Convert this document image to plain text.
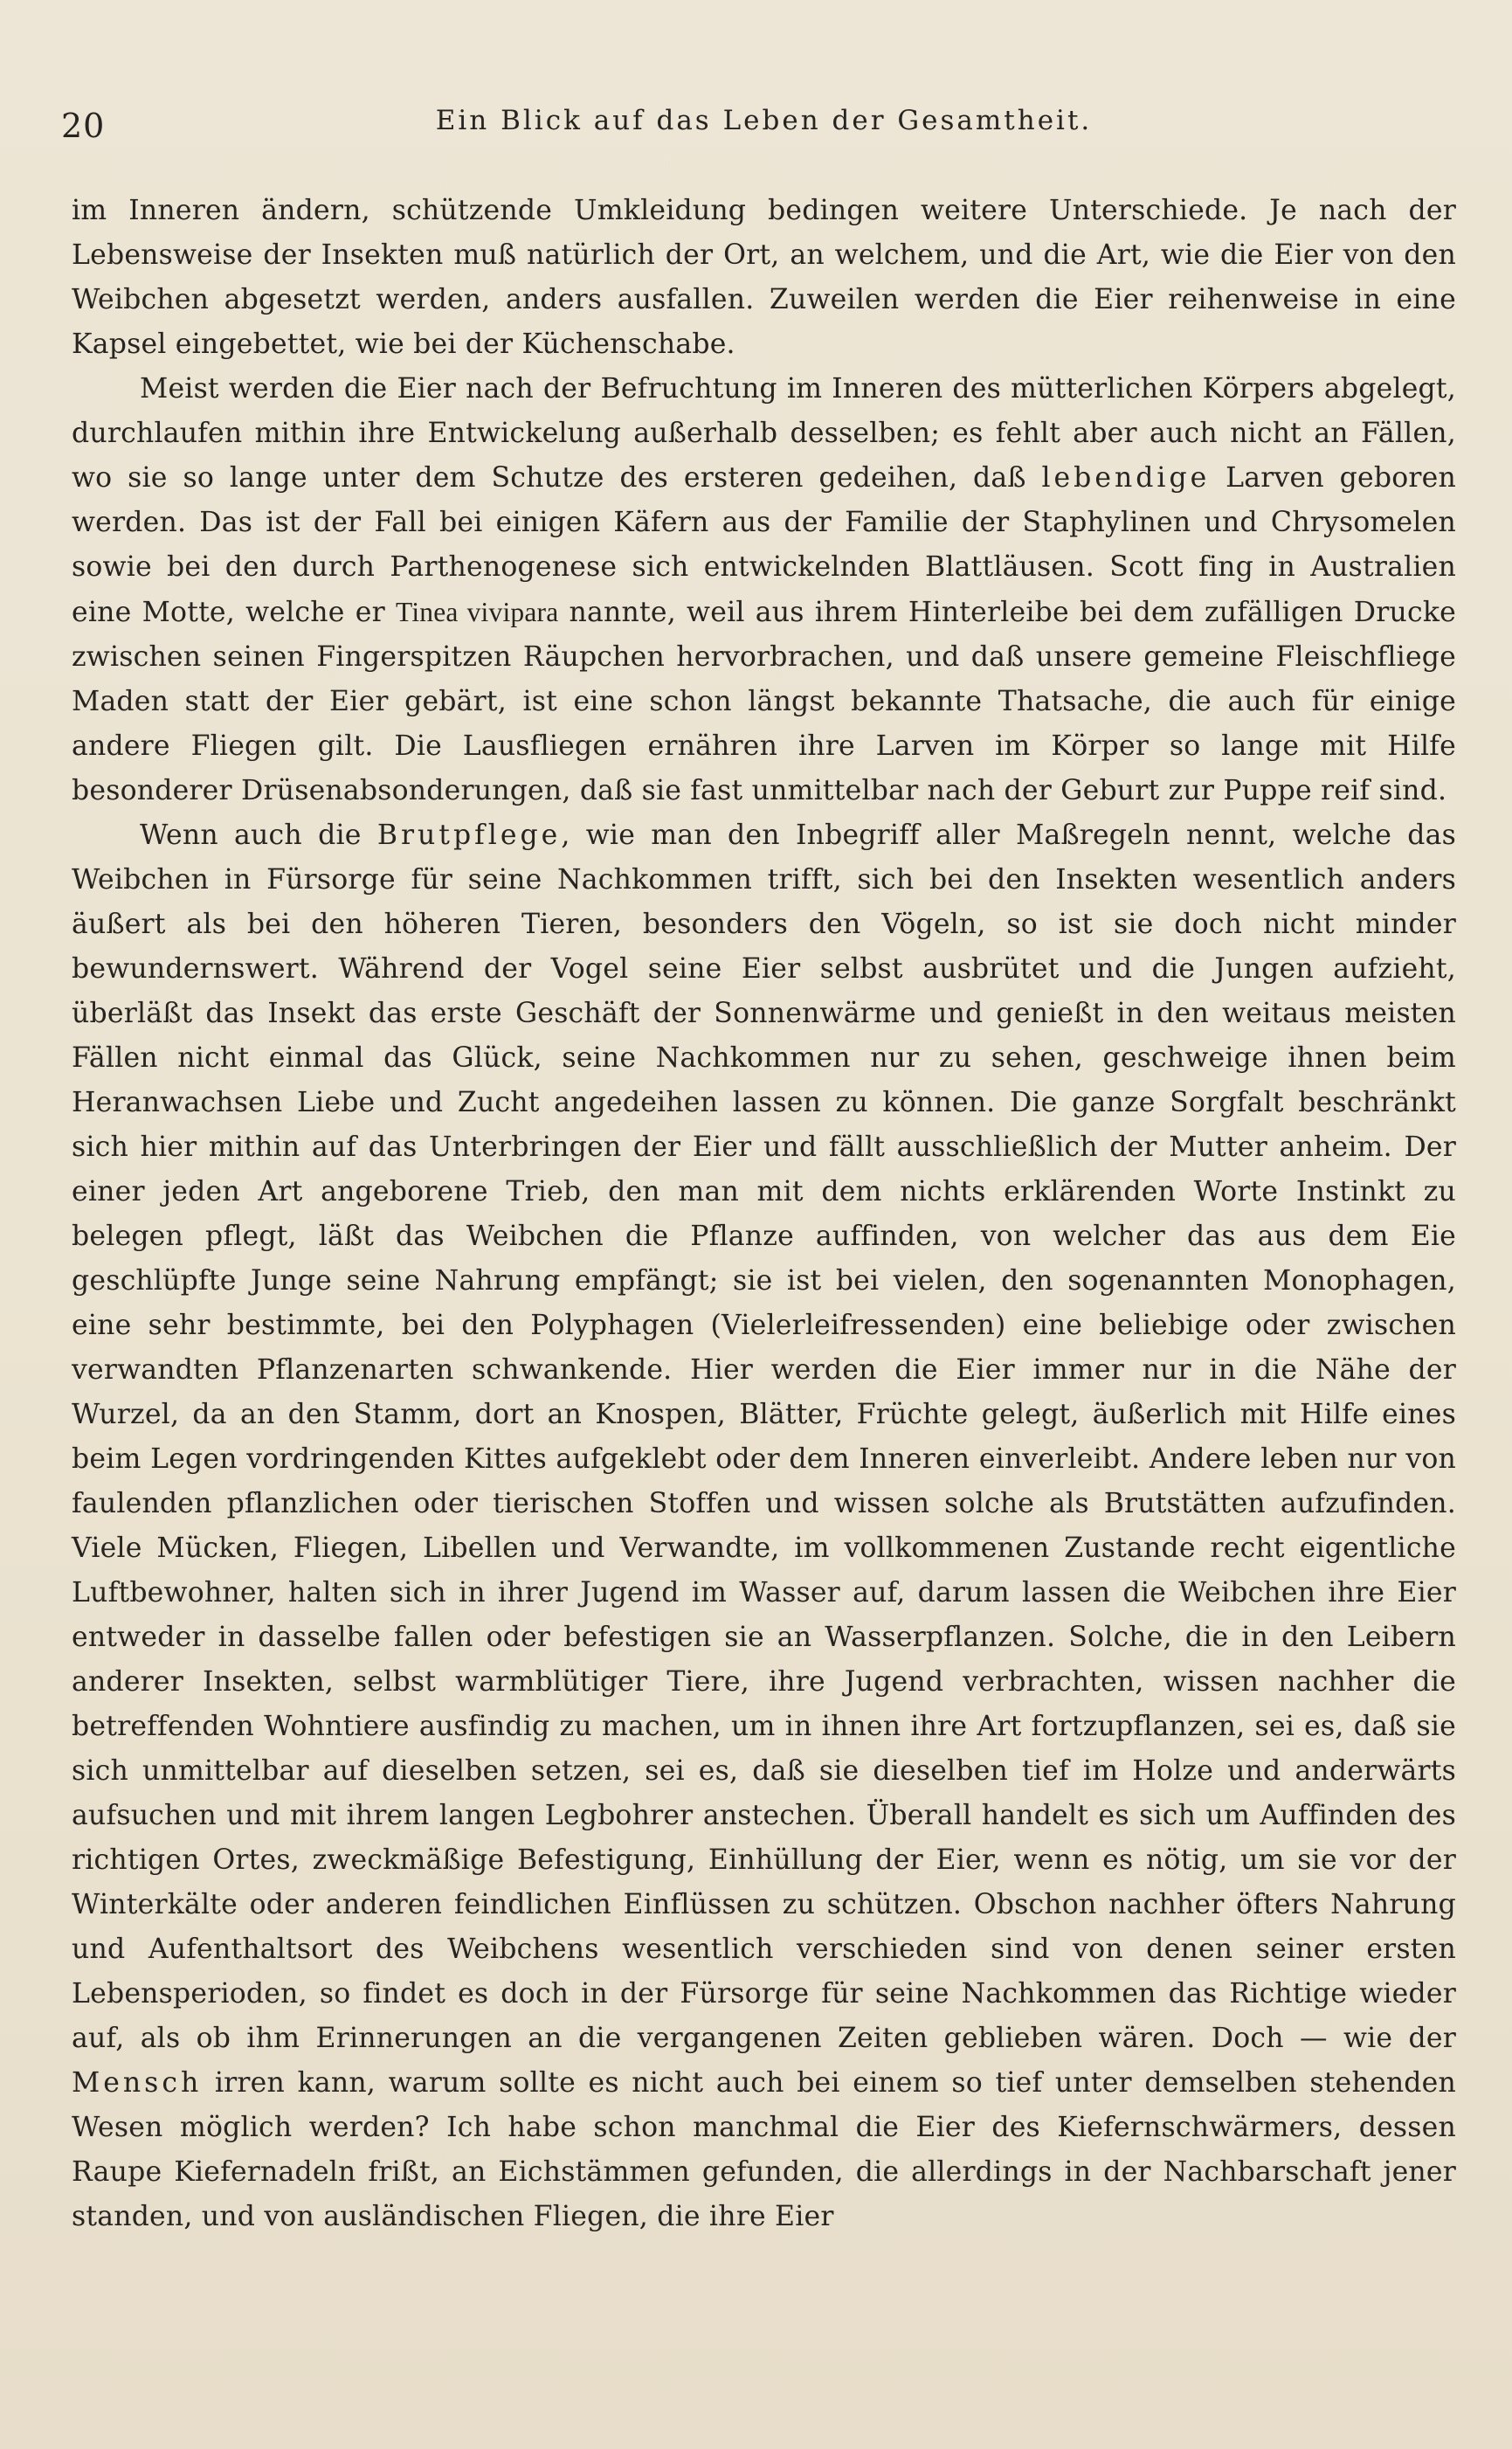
20	Ein Blick auf das Leben der Gesamtheit.

im Inneren ändern, schützende Umkleidung bedingen weitere Unterschiede. Je nach der Lebensweise der Insekten muß natürlich der Ort, an welchem, und die Art, wie die Eier von den Weibchen abgesetzt werden, anders ausfallen. Zuweilen werden die Eier reihenweise in eine Kapsel eingebettet, wie bei der Küchenschabe.

Meist werden die Eier nach der Befruchtung im Inneren des mütterlichen Körpers abgelegt, durchlaufen mithin ihre Entwickelung außerhalb desselben; es fehlt aber auch nicht an Fällen, wo sie so lange unter dem Schutze des ersteren gedeihen, daß lebendige Larven geboren werden. Das ist der Fall bei einigen Käfern aus der Familie der Staphylinen und Chrysomelen sowie bei den durch Parthenogenese sich entwickelnden Blattläusen. Scott fing in Australien eine Motte, welche er Tinea vivipara nannte, weil aus ihrem Hinterleibe bei dem zufälligen Drucke zwischen seinen Fingerspitzen Räupchen hervorbrachen, und daß unsere gemeine Fleischfliege Maden statt der Eier gebärt, ist eine schon längst bekannte Thatsache, die auch für einige andere Fliegen gilt. Die Lausfliegen ernähren ihre Larven im Körper so lange mit Hilfe besonderer Drüsenabsonderungen, daß sie fast unmittelbar nach der Geburt zur Puppe reif sind.

Wenn auch die Brutpflege, wie man den Inbegriff aller Maßregeln nennt, welche das Weibchen in Fürsorge für seine Nachkommen trifft, sich bei den Insekten wesentlich anders äußert als bei den höheren Tieren, besonders den Vögeln, so ist sie doch nicht minder bewundernswert. Während der Vogel seine Eier selbst ausbrütet und die Jungen aufzieht, überläßt das Insekt das erste Geschäft der Sonnenwärme und genießt in den weitaus meisten Fällen nicht einmal das Glück, seine Nachkommen nur zu sehen, geschweige ihnen beim Heranwachsen Liebe und Zucht angedeihen lassen zu können. Die ganze Sorgfalt beschränkt sich hier mithin auf das Unterbringen der Eier und fällt ausschließlich der Mutter anheim. Der einer jeden Art angeborene Trieb, den man mit dem nichts erklärenden Worte Instinkt zu belegen pflegt, läßt das Weibchen die Pflanze auffinden, von welcher das aus dem Eie geschlüpfte Junge seine Nahrung empfängt; sie ist bei vielen, den sogenannten Monophagen, eine sehr bestimmte, bei den Polyphagen (Vielerleifressenden) eine beliebige oder zwischen verwandten Pflanzenarten schwankende. Hier werden die Eier immer nur in die Nähe der Wurzel, da an den Stamm, dort an Knospen, Blätter, Früchte gelegt, äußerlich mit Hilfe eines beim Legen vordringenden Kittes aufgeklebt oder dem Inneren einverleibt. Andere leben nur von faulenden pflanzlichen oder tierischen Stoffen und wissen solche als Brutstätten aufzufinden. Viele Mücken, Fliegen, Libellen und Verwandte, im vollkommenen Zustande recht eigentliche Luftbewohner, halten sich in ihrer Jugend im Wasser auf, darum lassen die Weibchen ihre Eier entweder in dasselbe fallen oder befestigen sie an Wasserpflanzen. Solche, die in den Leibern anderer Insekten, selbst warmblütiger Tiere, ihre Jugend verbrachten, wissen nachher die betreffenden Wohntiere ausfindig zu machen, um in ihnen ihre Art fortzupflanzen, sei es, daß sie sich unmittelbar auf dieselben setzen, sei es, daß sie dieselben tief im Holze und anderwärts aufsuchen und mit ihrem langen Legbohrer anstechen. Überall handelt es sich um Auffinden des richtigen Ortes, zweckmäßige Befestigung, Einhüllung der Eier, wenn es nötig, um sie vor der Winterkälte oder anderen feindlichen Einflüssen zu schützen. Obschon nachher öfters Nahrung und Aufenthaltsort des Weibchens wesentlich verschieden sind von denen seiner ersten Lebensperioden, so findet es doch in der Fürsorge für seine Nachkommen das Richtige wieder auf, als ob ihm Erinnerungen an die vergangenen Zeiten geblieben wären. Doch — wie der Mensch irren kann, warum sollte es nicht auch bei einem so tief unter demselben stehenden Wesen möglich werden? Ich habe schon manchmal die Eier des Kiefernschwärmers, dessen Raupe Kiefernadeln frißt, an Eichstämmen gefunden, die allerdings in der Nachbarschaft jener standen, und von ausländischen Fliegen, die ihre Eier
